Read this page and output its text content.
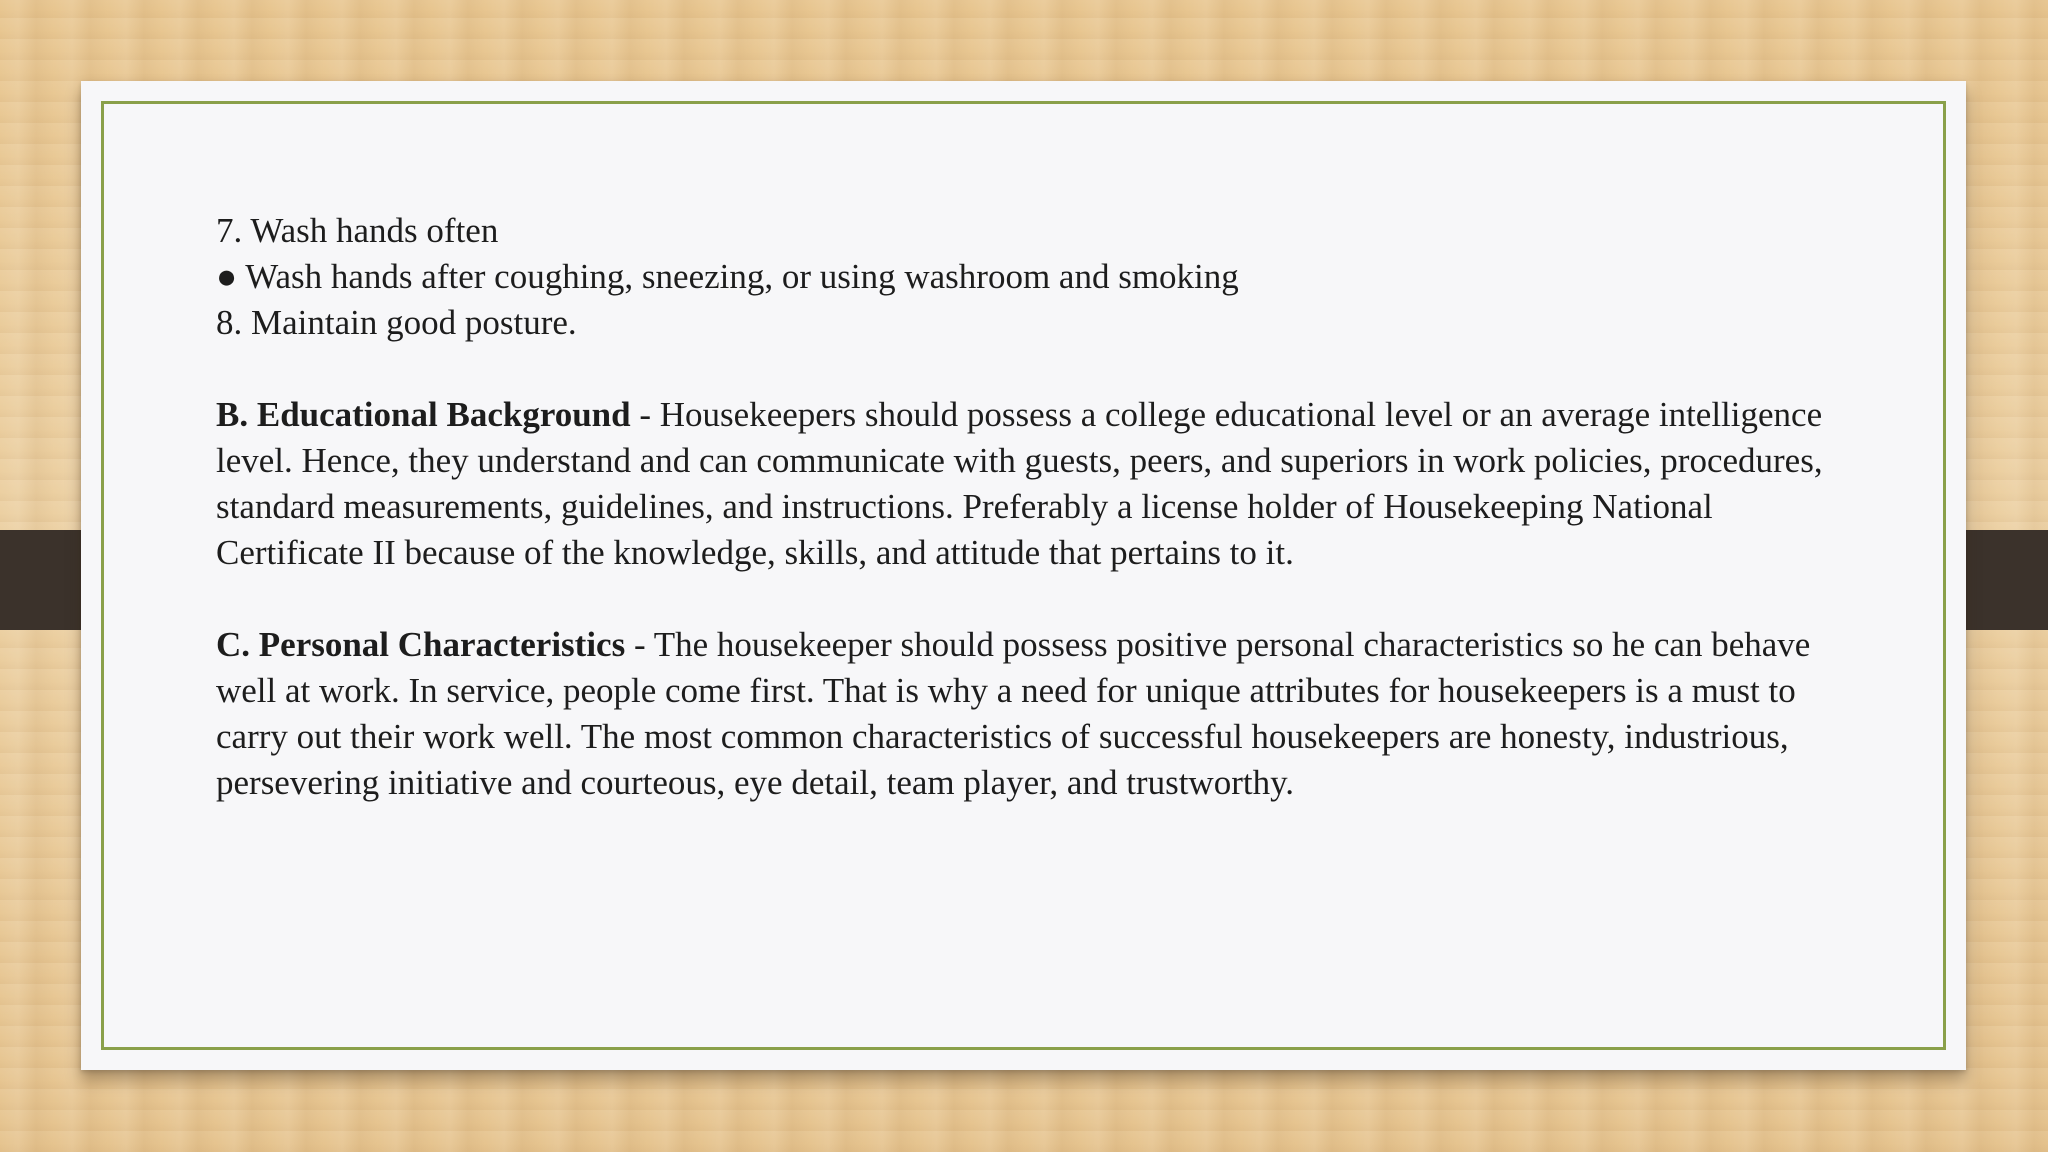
7. Wash hands often

● Wash hands after coughing, sneezing, or using washroom and smoking

8. Maintain good posture.

B. Educational Background - Housekeepers should possess a college educational level or an average intelligence level. Hence, they understand and can communicate with guests, peers, and superiors in work policies, procedures, standard measurements, guidelines, and instructions. Preferably a license holder of Housekeeping National Certificate II because of the knowledge, skills, and attitude that pertains to it.

C. Personal Characteristics - The housekeeper should possess positive personal characteristics so he can behave well at work. In service, people come first. That is why a need for unique attributes for housekeepers is a must to carry out their work well. The most common characteristics of successful housekeepers are honesty, industrious, persevering initiative and courteous, eye detail, team player, and trustworthy.
